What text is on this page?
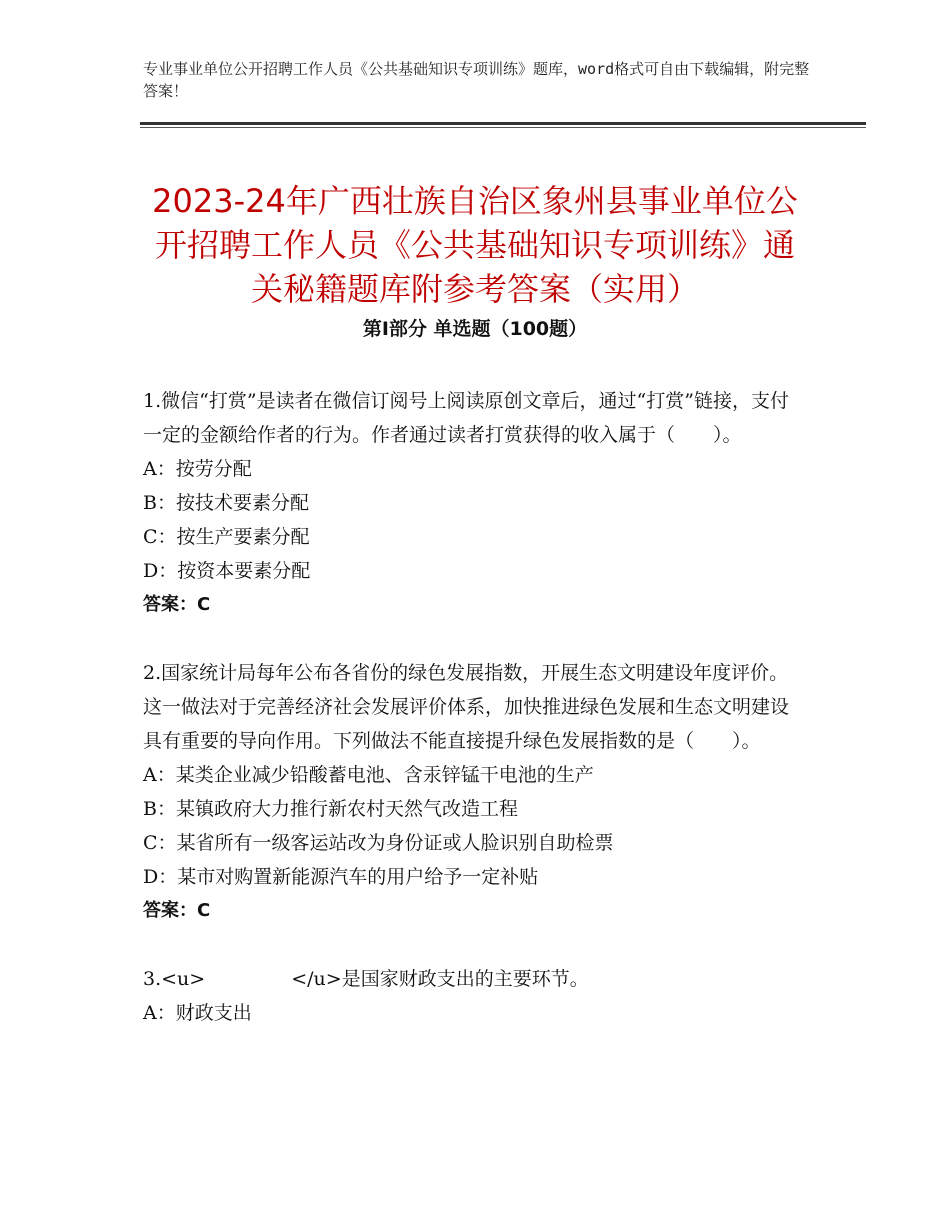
专业事业单位公开招聘工作人员《公共基础知识专项训练》题库，word格式可自由下载编辑，附完整答案！
2023-24年广西壮族自治区象州县事业单位公开招聘工作人员《公共基础知识专项训练》通关秘籍题库附参考答案（实用）
第Ⅰ部分 单选题（100题）

1.微信“打赏”是读者在微信订阅号上阅读原创文章后，通过“打赏”链接，支付一定的金额给作者的行为。作者通过读者打赏获得的收入属于（　　）。

A：按劳分配

B：按技术要素分配

C：按生产要素分配

D：按资本要素分配

答案：C

2.国家统计局每年公布各省份的绿色发展指数，开展生态文明建设年度评价。这一做法对于完善经济社会发展评价体系，加快推进绿色发展和生态文明建设具有重要的导向作用。下列做法不能直接提升绿色发展指数的是（　　）。

A：某类企业减少铅酸蓄电池、含汞锌锰干电池的生产

B：某镇政府大力推行新农村天然气改造工程

C：某省所有一级客运站改为身份证或人脸识别自助检票

D：某市对购置新能源汽车的用户给予一定补贴

答案：C

3.<u>	</u>是国家财政支出的主要环节。

A：财政支出
